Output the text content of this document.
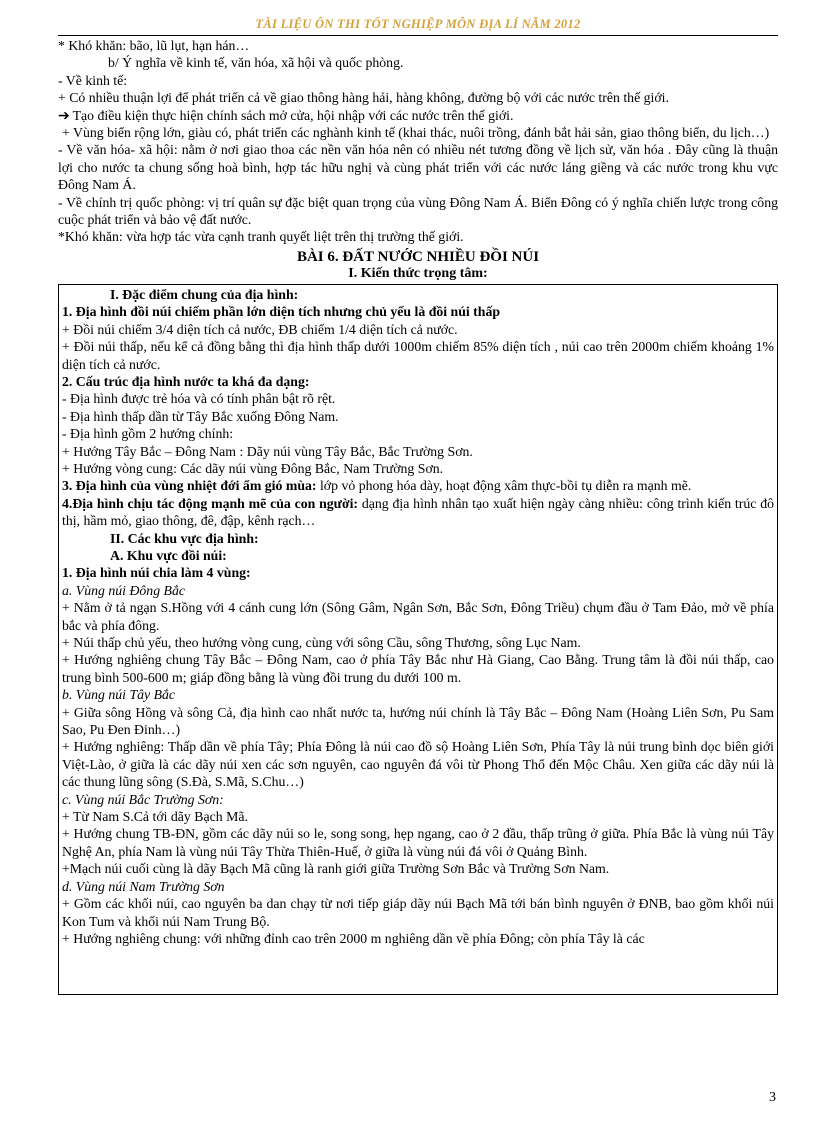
TÀI LIỆU ÔN THI TỐT NGHIỆP MÔN ĐỊA LÍ NĂM 2012

* Khó khăn: bão, lũ lụt, hạn hán…

b/ Ý nghĩa về kinh tế, văn hóa, xã hội và quốc phòng.

- Về kinh tế:

+ Có nhiều thuận lợi để phát triển cả về giao thông hàng hải, hàng không, đường bộ với các nước trên thế giới.

➔ Tạo điều kiện thực hiện chính sách mở cửa, hội nhập với các nước trên thế giới.

+ Vùng biển rộng lớn, giàu có, phát triển các nghành kinh tế (khai thác, nuôi trồng, đánh bắt hải sản, giao thông biển, du lịch…)

- Về văn hóa- xã hội: nằm ở nơi giao thoa các nền văn hóa nên có nhiều nét tương đồng về lịch sử, văn hóa . Đây cũng là thuận lợi cho nước ta chung sống hoà bình, hợp tác hữu nghị và cùng phát triển với các nước láng giềng và các nước trong khu vực Đông Nam Á.

- Về chính trị quốc phòng: vị trí quân sự đặc biệt quan trọng của vùng Đông Nam Á. Biển Đông có ý nghĩa chiến lược trong công cuộc phát triển và bảo vệ đất nước.

*Khó khăn: vừa hợp tác vừa cạnh tranh quyết liệt trên thị trường thế giới.

BÀI 6. ĐẤT NƯỚC NHIỀU ĐỒI NÚI

I. Kiến thức trọng tâm:

I. Đặc điểm chung của địa hình:

1. Địa hình đồi núi chiếm phần lớn diện tích nhưng chủ yếu là đồi núi thấp

+ Đồi núi chiếm 3/4 diện tích cả nước, ĐB chiếm 1/4 diện tích cả nước.

+ Đồi núi thấp, nếu kể cả đồng bằng thì địa hình thấp dưới 1000m chiếm 85% diện tích , núi cao trên 2000m chiếm khoảng 1% diện tích cả nước.

2. Cấu trúc địa hình nước ta khá đa dạng:

- Địa hình được trẻ hóa và có tính phân bật rõ rệt.

- Địa hình thấp dần từ Tây Bắc xuống Đông Nam.

- Địa hình gồm 2 hướng chính:

+ Hướng Tây Bắc – Đông Nam : Dãy núi vùng Tây Bắc, Bắc Trường Sơn.

+ Hướng vòng cung: Các dãy núi vùng Đông Bắc, Nam Trường Sơn.

3. Địa hình của vùng nhiệt đới ẩm gió mùa: lớp vỏ phong hóa dày, hoạt động xâm thực-bồi tụ diễn ra mạnh mẽ.

4.Địa hình chịu tác động mạnh mẽ của con người: dạng địa hình nhân tạo xuất hiện ngày càng nhiều: công trình kiến trúc đô thị, hầm mỏ, giao thông, đê, đập, kênh rạch…

II. Các khu vực địa hình:

A. Khu vực đồi núi:

1. Địa hình núi chia làm 4 vùng:

a. Vùng núi Đông Bắc

+ Nằm ở tả ngạn S.Hồng với 4 cánh cung lớn (Sông Gâm, Ngân Sơn, Bắc Sơn, Đông Triều) chụm đầu ở Tam Đảo, mở về phía bắc và phía đông.

+ Núi thấp chủ yếu, theo hướng vòng cung, cùng với sông Cầu, sông Thương, sông Lục Nam.

+ Hướng nghiêng chung Tây Bắc – Đông Nam, cao ở phía Tây Bắc như Hà Giang, Cao Bằng. Trung tâm là đồi núi thấp, cao trung bình 500-600 m; giáp đồng bằng là vùng đồi trung du dưới 100 m.

b. Vùng núi Tây Bắc

+ Giữa sông Hồng và sông Cả, địa hình cao nhất nước ta, hướng núi chính là Tây Bắc – Đông Nam (Hoàng Liên Sơn, Pu Sam Sao, Pu Đen Đinh…)

+ Hướng nghiêng: Thấp dần về phía Tây; Phía Đông là núi cao đồ sộ Hoàng Liên Sơn, Phía Tây là núi trung bình dọc biên giới Việt-Lào, ở giữa là các dãy núi xen các sơn nguyên, cao nguyên đá vôi từ Phong Thổ đến Mộc Châu. Xen giữa các dãy núi là các thung lũng sông (S.Đà, S.Mã, S.Chu…)

c. Vùng núi Bắc Trường Sơn:

+ Từ Nam S.Cả tới dãy Bạch Mã.

+ Hướng chung TB-ĐN, gồm các dãy núi so le, song song, hẹp ngang, cao ở 2 đầu, thấp trũng ở giữa. Phía Bắc là vùng núi Tây Nghệ An, phía Nam là vùng núi Tây Thừa Thiên-Huế, ở giữa là vùng núi đá vôi ở Quảng Bình.

+Mạch núi cuối cùng là dãy Bạch Mã cũng là ranh giới giữa Trường Sơn Bắc và Trường Sơn Nam.

d. Vùng núi Nam Trường Sơn

+ Gồm các khối núi, cao nguyên ba dan chạy từ nơi tiếp giáp dãy núi Bạch Mã tới bán bình nguyên ở ĐNB, bao gồm khối núi Kon Tum và khối núi Nam Trung Bộ.

+ Hướng nghiêng chung: với những đỉnh cao trên 2000 m nghiêng dần về phía Đông; còn phía Tây là các

3
